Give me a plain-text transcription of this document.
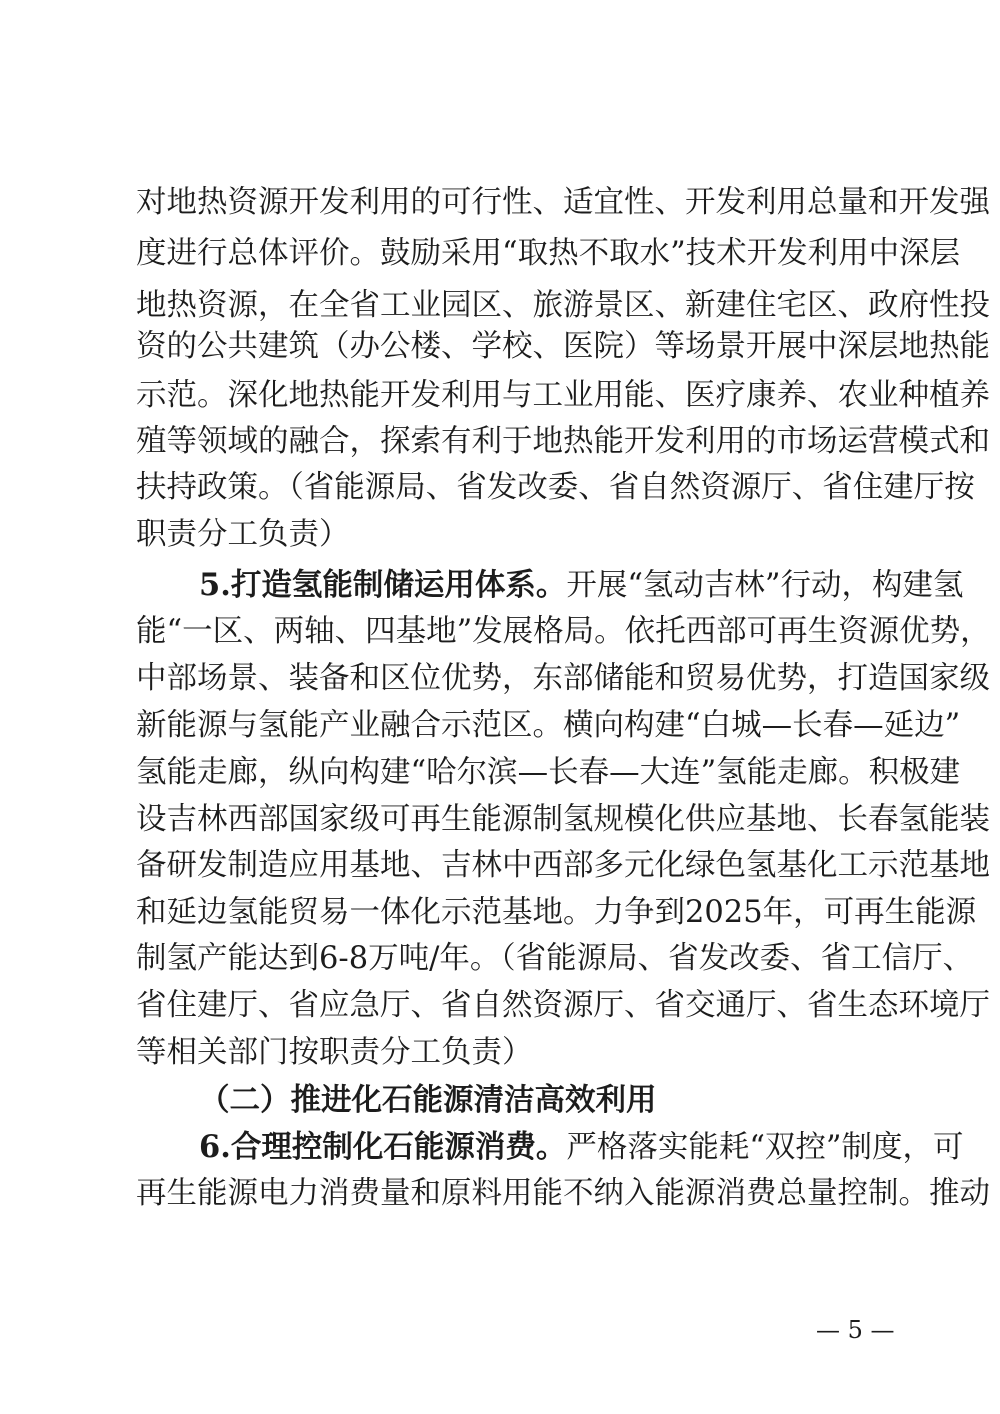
对地热资源开发利用的可行性、适宜性、开发利用总量和开发强
度进行总体评价。鼓励采用“取热不取水”技术开发利用中深层
地热资源，在全省工业园区、旅游景区、新建住宅区、政府性投
资的公共建筑（办公楼、学校、医院）等场景开展中深层地热能
示范。深化地热能开发利用与工业用能、医疗康养、农业种植养
殖等领域的融合，探索有利于地热能开发利用的市场运营模式和
扶持政策。（省能源局、省发改委、省自然资源厅、省住建厅按
职责分工负责）
5.打造氢能制储运用体系。开展“氢动吉林”行动，构建氢
能“一区、两轴、四基地”发展格局。依托西部可再生资源优势，
中部场景、装备和区位优势，东部储能和贸易优势，打造国家级
新能源与氢能产业融合示范区。横向构建“白城—长春—延边”
氢能走廊，纵向构建“哈尔滨—长春—大连”氢能走廊。积极建
设吉林西部国家级可再生能源制氢规模化供应基地、长春氢能装
备研发制造应用基地、吉林中西部多元化绿色氢基化工示范基地
和延边氢能贸易一体化示范基地。力争到2025年，可再生能源
制氢产能达到6-8万吨/年。（省能源局、省发改委、省工信厅、
省住建厅、省应急厅、省自然资源厅、省交通厅、省生态环境厅
等相关部门按职责分工负责）
（二）推进化石能源清洁高效利用
6.合理控制化石能源消费。严格落实能耗“双控”制度，可
再生能源电力消费量和原料用能不纳入能源消费总量控制。推动
— 5 —
